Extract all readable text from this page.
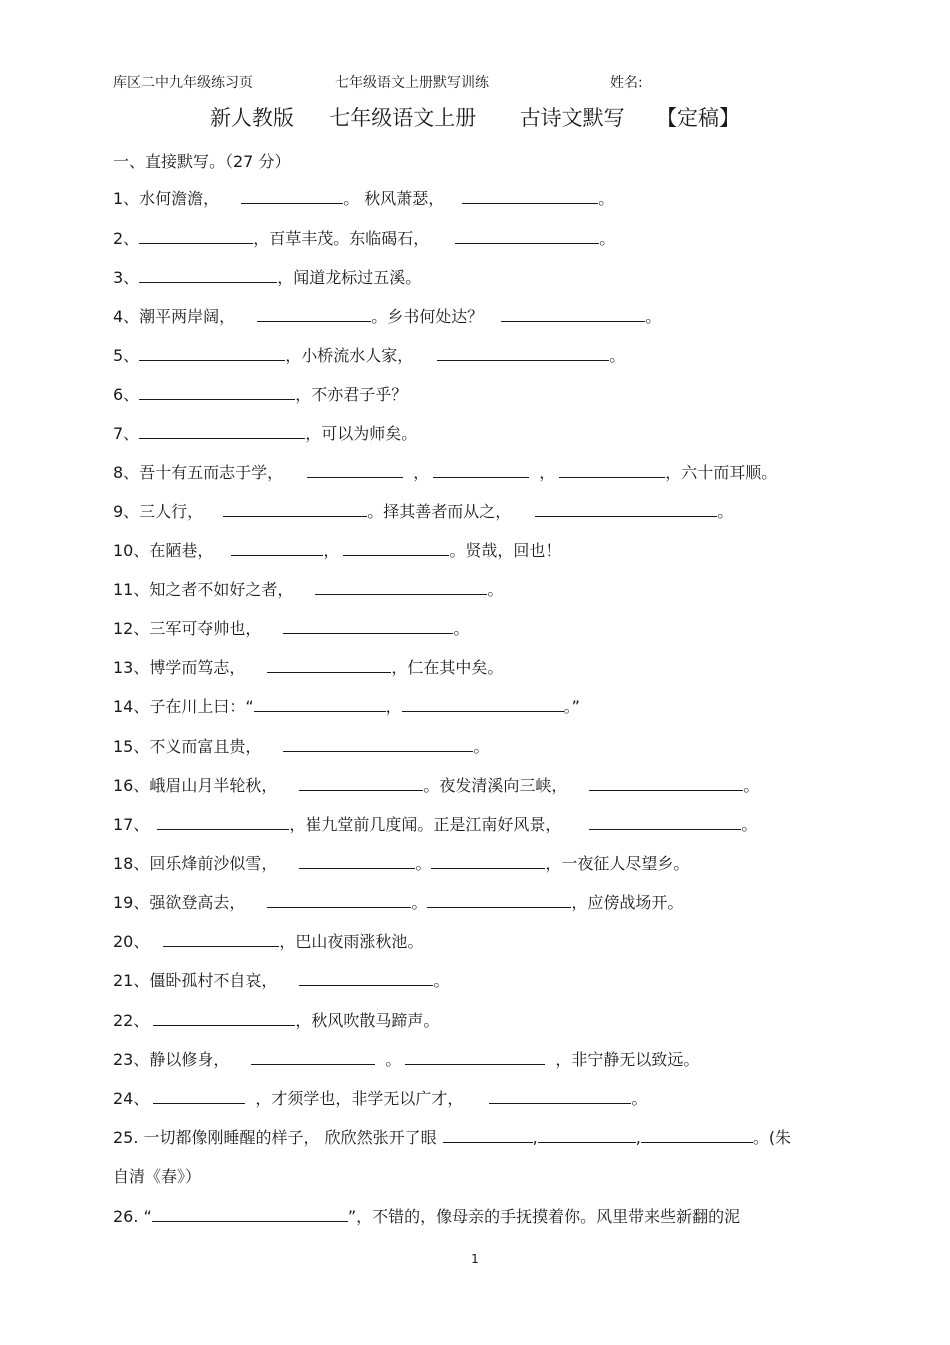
库区二中九年级练习页	七年级语文上册默写训练	姓名:
新人教版 七年级语文上册 古诗文默写 【定稿】
一、直接默写。（27 分）
1、水何澹澹，	。 秋风萧瑟，	。
2、	，百草丰茂。东临碣石，	。
3、	，闻道龙标过五溪。
4、潮平两岸阔，	。乡书何处达？	。
5、	，小桥流水人家，	。
6、	，不亦君子乎？
7、	，可以为师矣。
8、吾十有五而志于学，	，	，	，六十而耳顺。
9、三人行，	。择其善者而从之，	。
10、在陋巷，	，	。贤哉，回也！
11、知之者不如好之者，	。
12、三军可夺帅也，	。
13、博学而笃志，	，仁在其中矣。
14、子在川上曰：“	，	。”
15、不义而富且贵，	。
16、峨眉山月半轮秋，	。夜发清溪向三峡，	。
17、	，崔九堂前几度闻。正是江南好风景，	。
18、回乐烽前沙似雪，	。	，一夜征人尽望乡。
19、强欲登高去，	。	，应傍战场开。
20、	，巴山夜雨涨秋池。
21、僵卧孤村不自哀，	。
22、	，秋风吹散马蹄声。
23、静以修身，	。	，非宁静无以致远。
24、	，才须学也，非学无以广才，	。
25. 一切都像刚睡醒的样子， 欣欣然张开了眼	,	,	。(朱
自清《春》）
26. “	”，不错的，像母亲的手抚摸着你。风里带来些新翻的泥
1
